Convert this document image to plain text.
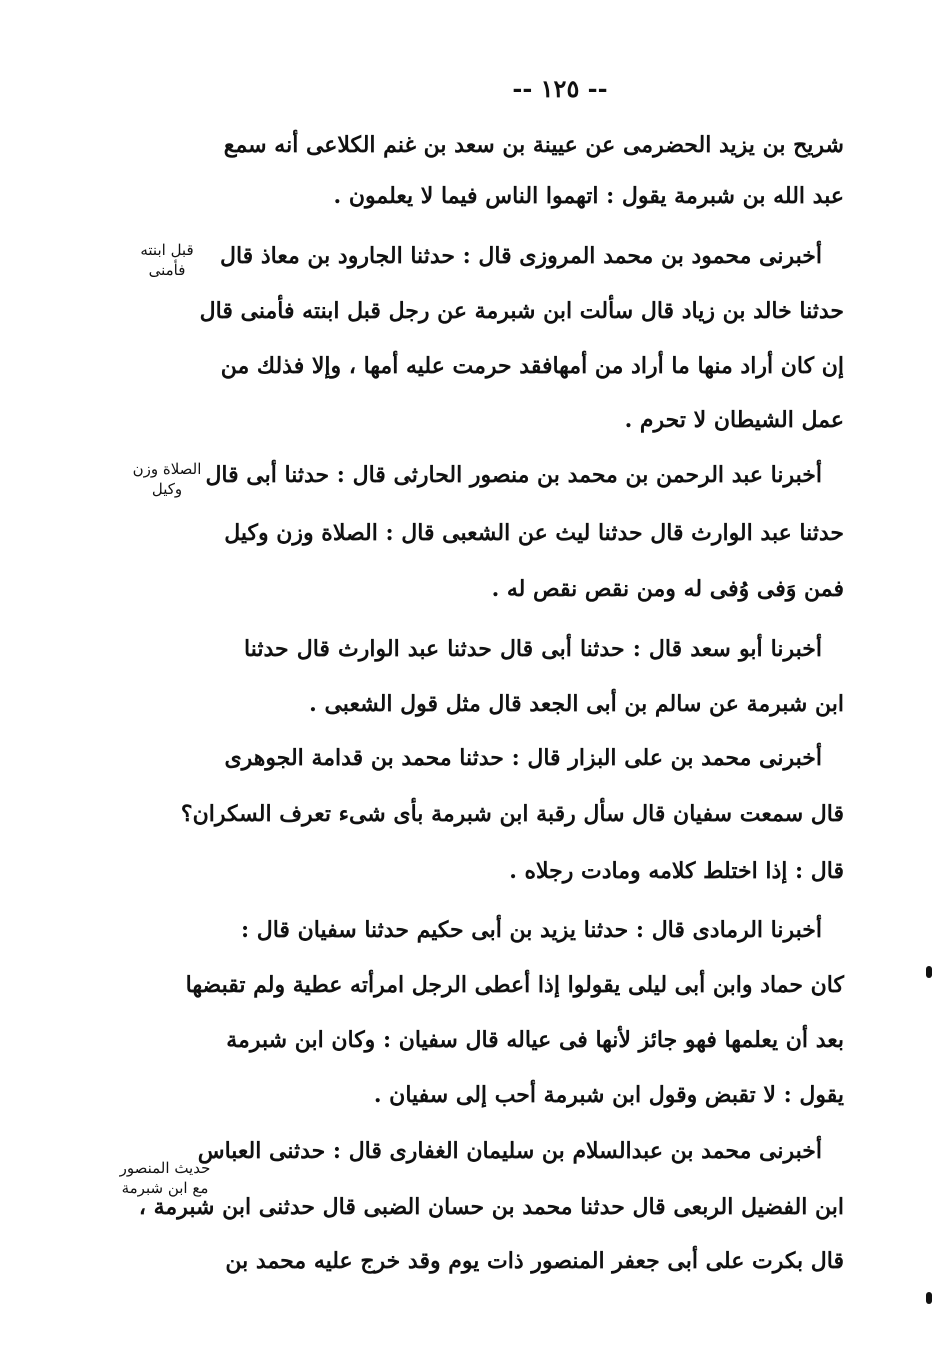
-- ١٢٥ --
شريح بن يزيد الحضرمى عن عيينة بن سعد بن غنم الكلاعى أنه سمع
عبد الله بن شبرمة يقول : اتهموا الناس فيما لا يعلمون .
أخبرنى محمود بن محمد المروزى قال : حدثنا الجارود بن معاذ قال
حدثنا خالد بن زياد قال سألت ابن شبرمة عن رجل قبل ابنته فأمنى قال
إن كان أراد منها ما أراد من أمهافقد حرمت عليه أمها ، وإلا فذلك من
عمل الشيطان لا تحرم .
أخبرنا عبد الرحمن بن محمد بن منصور الحارثى قال : حدثنا أبى قال
حدثنا عبد الوارث قال حدثنا ليث عن الشعبى قال : الصلاة وزن وكيل
فمن وَفى وُفى له ومن نقص نقص له .
أخبرنا أبو سعد قال : حدثنا أبى قال حدثنا عبد الوارث قال حدثنا
ابن شبرمة عن سالم بن أبى الجعد قال مثل قول الشعبى .
أخبرنى محمد بن على البزار قال : حدثنا محمد بن قدامة الجوهرى
قال سمعت سفيان قال سأل رقبة ابن شبرمة بأى شىء تعرف السكران؟
قال : إذا اختلط كلامه ومادت رجلاه .
أخبرنا الرمادى قال : حدثنا يزيد بن أبى حكيم حدثنا سفيان قال :
كان حماد وابن أبى ليلى يقولوا إذا أعطى الرجل امرأته عطية ولم تقبضها
بعد أن يعلمها فهو جائز لأنها فى عياله قال سفيان : وكان ابن شبرمة
يقول : لا تقبض وقول ابن شبرمة أحب إلى سفيان .
أخبرنى محمد بن عبدالسلام بن سليمان الغفارى قال : حدثنى العباس
ابن الفضيل الربعى قال حدثنا محمد بن حسان الضبى قال حدثنى ابن شبرمة ،
قال بكرت على أبى جعفر المنصور ذات يوم وقد خرج عليه محمد بن
قبل ابنته
فأمنى
الصلاة وزن
وكيل
حديث المنصور
مع ابن شبرمة
